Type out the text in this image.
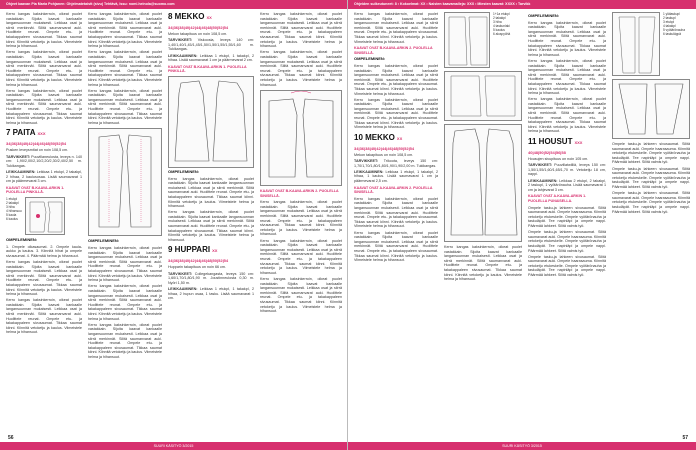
Ohjeet kaavan Pia Maria Pohjanen: Ohjelmatetaistt (sivu) Tehtävä, Issu: nomi.heinola@suomo.com

Kerro kangas kaksinkerroin, oikeat puolet vastakkain. Sijoita kaavat kankaalle langansuunnan mukaisesti. Leikkaa osat ja siirrä merkinnät. Silitä saumanvarat auki. Huolittele reunat. Ompele etu- ja takakappaleen sivusaumat. Tikkaa saumat kiinni. Kiinnitä vetoketju ja kaulus. Viimeistele helma ja hihansuut.

Kerro kangas kaksinkerroin, oikeat puolet vastakkain. Sijoita kaavat kankaalle langansuunnan mukaisesti. Leikkaa osat ja siirrä merkinnät. Silitä saumanvarat auki. Huolittele reunat. Ompele etu- ja takakappaleen sivusaumat. Tikkaa saumat kiinni. Kiinnitä vetoketju ja kaulus. Viimeistele helma ja hihansuut.

Kerro kangas kaksinkerroin, oikeat puolet vastakkain. Sijoita kaavat kankaalle langansuunnan mukaisesti. Leikkaa osat ja siirrä merkinnät. Silitä saumanvarat auki. Huolittele reunat. Ompele etu- ja takakappaleen sivusaumat. Tikkaa saumat kiinni. Kiinnitä vetoketju ja kaulus. Viimeistele helma ja hihansuut.

7 PAITA XXX 34|36|38|40|42|44|46|48|50|52|54

Pusken leveysmitat on noin 108,5 cm.

TARVIKKEET: Puuvillaneulosta, leveys n. 140 cm: 1,90/2,00/2,10/2,20/2,30/2,40/2,50 m. Tukikangas.

LEIKKAAMINEN: Leikkaa 1 etukpl, 2 takakpl, 2 hihaa, 2 kaulusosaa. Lisää saumavarat 1 cm ja päärmevarat 3 cm.

KAAVAT OVAT B-KAAVA-ARKIN 1. PUOLELLA PINKILLÄ.
1 etukpl
2 takakpl
3 hiha
4 hihansuu
5 kaula
6 kaulus
OMPELEMINEN:

1. Ompele olkasaumat. 2. Ompele kaula-aukko ja kaulus. 3. Kiinnitä hihat ja ompele sivusaumat. 4. Päärmää helma ja hihansuut.

Kerro kangas kaksinkerroin, oikeat puolet vastakkain. Sijoita kaavat kankaalle langansuunnan mukaisesti. Leikkaa osat ja siirrä merkinnät. Silitä saumanvarat auki. Huolittele reunat. Ompele etu- ja takakappaleen sivusaumat. Tikkaa saumat kiinni. Kiinnitä vetoketju ja kaulus. Viimeistele helma ja hihansuut.

Kerro kangas kaksinkerroin, oikeat puolet vastakkain. Sijoita kaavat kankaalle langansuunnan mukaisesti. Leikkaa osat ja siirrä merkinnät. Silitä saumanvarat auki. Huolittele reunat. Ompele etu- ja takakappaleen sivusaumat. Tikkaa saumat kiinni. Kiinnitä vetoketju ja kaulus. Viimeistele helma ja hihansuut.

Kerro kangas kaksinkerroin, oikeat puolet vastakkain. Sijoita kaavat kankaalle langansuunnan mukaisesti. Leikkaa osat ja siirrä merkinnät. Silitä saumanvarat auki. Huolittele reunat. Ompele etu- ja takakappaleen sivusaumat. Tikkaa saumat kiinni. Kiinnitä vetoketju ja kaulus. Viimeistele helma ja hihansuut.

Kerro kangas kaksinkerroin, oikeat puolet vastakkain. Sijoita kaavat kankaalle langansuunnan mukaisesti. Leikkaa osat ja siirrä merkinnät. Silitä saumanvarat auki. Huolittele reunat. Ompele etu- ja takakappaleen sivusaumat. Tikkaa saumat kiinni. Kiinnitä vetoketju ja kaulus. Viimeistele helma ja hihansuut.

Kerro kangas kaksinkerroin, oikeat puolet vastakkain. Sijoita kaavat kankaalle langansuunnan mukaisesti. Leikkaa osat ja siirrä merkinnät. Silitä saumanvarat auki. Huolittele reunat. Ompele etu- ja takakappaleen sivusaumat. Tikkaa saumat kiinni. Kiinnitä vetoketju ja kaulus. Viimeistele helma ja hihansuut.

OMPELEMINEN:

Kerro kangas kaksinkerroin, oikeat puolet vastakkain. Sijoita kaavat kankaalle langansuunnan mukaisesti. Leikkaa osat ja siirrä merkinnät. Silitä saumanvarat auki. Huolittele reunat. Ompele etu- ja takakappaleen sivusaumat. Tikkaa saumat kiinni. Kiinnitä vetoketju ja kaulus. Viimeistele helma ja hihansuut.

Kerro kangas kaksinkerroin, oikeat puolet vastakkain. Sijoita kaavat kankaalle langansuunnan mukaisesti. Leikkaa osat ja siirrä merkinnät. Silitä saumanvarat auki. Huolittele reunat. Ompele etu- ja takakappaleen sivusaumat. Tikkaa saumat kiinni. Kiinnitä vetoketju ja kaulus. Viimeistele helma ja hihansuut.

Kerro kangas kaksinkerroin, oikeat puolet vastakkain. Sijoita kaavat kankaalle langansuunnan mukaisesti. Leikkaa osat ja siirrä merkinnät. Silitä saumanvarat auki. Huolittele reunat. Ompele etu- ja takakappaleen sivusaumat. Tikkaa saumat kiinni. Kiinnitä vetoketju ja kaulus. Viimeistele helma ja hihansuut.

8 MEKKO XX 34|36|38|40|42|44|46|48|50|52|54

Mekon takapituus on noin 108,5 cm.

TARVIKKEET: Viskoosia, leveys 140 cm: 1,40/1,40/1,45/1,45/1,50/1,50/1,55/1,55/1,60 m. Tukikangas.

LEIKKAAMINEN: Leikkaa 1 etukpl, 1 takakpl, 2 hihaa. Lisää saumavarat 1 cm ja päärmevarat 2 cm.

KAAVAT OVAT B-KAAVA-ARKIN 1. PUOLELLA PINKILLÄ.
OMPELEMINEN:

Kerro kangas kaksinkerroin, oikeat puolet vastakkain. Sijoita kaavat kankaalle langansuunnan mukaisesti. Leikkaa osat ja siirrä merkinnät. Silitä saumanvarat auki. Huolittele reunat. Ompele etu- ja takakappaleen sivusaumat. Tikkaa saumat kiinni. Kiinnitä vetoketju ja kaulus. Viimeistele helma ja hihansuut.

Kerro kangas kaksinkerroin, oikeat puolet vastakkain. Sijoita kaavat kankaalle langansuunnan mukaisesti. Leikkaa osat ja siirrä merkinnät. Silitä saumanvarat auki. Huolittele reunat. Ompele etu- ja takakappaleen sivusaumat. Tikkaa saumat kiinni. Kiinnitä vetoketju ja kaulus. Viimeistele helma ja hihansuut.

9 HUPPARI XX 34|36|38|40|42|44|46|48|50|52|54

Hupparin takapituus on noin 66 cm.

TARVIKKEET: Collegekangasta, leveys 150 cm: 1,60/1,70/1,80/1,90 m. Joustinneulosta 0,30 m. Nyöri 1,50 m.

LEIKKAAMINEN: Leikkaa 1 etukpl, 1 takakpl, 2 hihaa, 2 hupun osaa, 1 tasku. Lisää saumavarat 1 cm.

Kerro kangas kaksinkerroin, oikeat puolet vastakkain. Sijoita kaavat kankaalle langansuunnan mukaisesti. Leikkaa osat ja siirrä merkinnät. Silitä saumanvarat auki. Huolittele reunat. Ompele etu- ja takakappaleen sivusaumat. Tikkaa saumat kiinni. Kiinnitä vetoketju ja kaulus. Viimeistele helma ja hihansuut.

Kerro kangas kaksinkerroin, oikeat puolet vastakkain. Sijoita kaavat kankaalle langansuunnan mukaisesti. Leikkaa osat ja siirrä merkinnät. Silitä saumanvarat auki. Huolittele reunat. Ompele etu- ja takakappaleen sivusaumat. Tikkaa saumat kiinni. Kiinnitä vetoketju ja kaulus. Viimeistele helma ja hihansuut.

KAAVAT OVAT B-KAAVA-ARKIN 2. PUOLELLA SINISELLÄ.

Kerro kangas kaksinkerroin, oikeat puolet vastakkain. Sijoita kaavat kankaalle langansuunnan mukaisesti. Leikkaa osat ja siirrä merkinnät. Silitä saumanvarat auki. Huolittele reunat. Ompele etu- ja takakappaleen sivusaumat. Tikkaa saumat kiinni. Kiinnitä vetoketju ja kaulus. Viimeistele helma ja hihansuut.

Kerro kangas kaksinkerroin, oikeat puolet vastakkain. Sijoita kaavat kankaalle langansuunnan mukaisesti. Leikkaa osat ja siirrä merkinnät. Silitä saumanvarat auki. Huolittele reunat. Ompele etu- ja takakappaleen sivusaumat. Tikkaa saumat kiinni. Kiinnitä vetoketju ja kaulus. Viimeistele helma ja hihansuut.

Kerro kangas kaksinkerroin, oikeat puolet vastakkain. Sijoita kaavat kankaalle langansuunnan mukaisesti. Leikkaa osat ja siirrä merkinnät. Silitä saumanvarat auki. Huolittele reunat. Ompele etu- ja takakappaleen sivusaumat. Tikkaa saumat kiinni. Kiinnitä vetoketju ja kaulus. Viimeistele helma ja hihansuut.

56
SUURI KÄSITYÖ 3/2015
Ohjeiden sulkeutuneet: 8 • Kokoelmat: XX • Naisten kaavamalleja: XXX • Miesten kaavat: XXXX • Tarvikk

Kerro kangas kaksinkerroin, oikeat puolet vastakkain. Sijoita kaavat kankaalle langansuunnan mukaisesti. Leikkaa osat ja siirrä merkinnät. Silitä saumanvarat auki. Huolittele reunat. Ompele etu- ja takakappaleen sivusaumat. Tikkaa saumat kiinni. Kiinnitä vetoketju ja kaulus. Viimeistele helma ja hihansuut.

KAAVAT OVAT B-KAAVA-ARKIN 2. PUOLELLA SINISELLÄ.
OMPELEMINEN:

Kerro kangas kaksinkerroin, oikeat puolet vastakkain. Sijoita kaavat kankaalle langansuunnan mukaisesti. Leikkaa osat ja siirrä merkinnät. Silitä saumanvarat auki. Huolittele reunat. Ompele etu- ja takakappaleen sivusaumat. Tikkaa saumat kiinni. Kiinnitä vetoketju ja kaulus. Viimeistele helma ja hihansuut.

Kerro kangas kaksinkerroin, oikeat puolet vastakkain. Sijoita kaavat kankaalle langansuunnan mukaisesti. Leikkaa osat ja siirrä merkinnät. Silitä saumanvarat auki. Huolittele reunat. Ompele etu- ja takakappaleen sivusaumat. Tikkaa saumat kiinni. Kiinnitä vetoketju ja kaulus. Viimeistele helma ja hihansuut.

10 MEKKO XX 34|36|38|40|42|44|46|48|50|52|54

Mekon takapituus on noin 108,5 cm.

TARVIKKEET: Trikoota, leveys 150 cm: 1,70/1,70/1,80/1,80/1,90/1,90/2,00 m. Tukikangas.

LEIKKAAMINEN: Leikkaa 1 etukpl, 1 takakpl, 2 hihaa, 1 kaulus. Lisää saumavarat 1 cm ja päärmevarat 2,5 cm.

KAAVAT OVAT A-KAAVA-ARKIN 2. PUOLELLA SINISELLÄ.

Kerro kangas kaksinkerroin, oikeat puolet vastakkain. Sijoita kaavat kankaalle langansuunnan mukaisesti. Leikkaa osat ja siirrä merkinnät. Silitä saumanvarat auki. Huolittele reunat. Ompele etu- ja takakappaleen sivusaumat. Tikkaa saumat kiinni. Kiinnitä vetoketju ja kaulus. Viimeistele helma ja hihansuut.

Kerro kangas kaksinkerroin, oikeat puolet vastakkain. Sijoita kaavat kankaalle langansuunnan mukaisesti. Leikkaa osat ja siirrä merkinnät. Silitä saumanvarat auki. Huolittele reunat. Ompele etu- ja takakappaleen sivusaumat. Tikkaa saumat kiinni. Kiinnitä vetoketju ja kaulus. Viimeistele helma ja hihansuut.

1+1a etukpl
2 takakpl
3 hiha
4 taskunlaki
5 kaulus
6 aluspyöhä

Kerro kangas kaksinkerroin, oikeat puolet vastakkain. Sijoita kaavat kankaalle langansuunnan mukaisesti. Leikkaa osat ja siirrä merkinnät. Silitä saumanvarat auki. Huolittele reunat. Ompele etu- ja takakappaleen sivusaumat. Tikkaa saumat kiinni. Kiinnitä vetoketju ja kaulus. Viimeistele helma ja hihansuut.

OMPELEMINEN:

Kerro kangas kaksinkerroin, oikeat puolet vastakkain. Sijoita kaavat kankaalle langansuunnan mukaisesti. Leikkaa osat ja siirrä merkinnät. Silitä saumanvarat auki. Huolittele reunat. Ompele etu- ja takakappaleen sivusaumat. Tikkaa saumat kiinni. Kiinnitä vetoketju ja kaulus. Viimeistele helma ja hihansuut.

Kerro kangas kaksinkerroin, oikeat puolet vastakkain. Sijoita kaavat kankaalle langansuunnan mukaisesti. Leikkaa osat ja siirrä merkinnät. Silitä saumanvarat auki. Huolittele reunat. Ompele etu- ja takakappaleen sivusaumat. Tikkaa saumat kiinni. Kiinnitä vetoketju ja kaulus. Viimeistele helma ja hihansuut.

Kerro kangas kaksinkerroin, oikeat puolet vastakkain. Sijoita kaavat kankaalle langansuunnan mukaisesti. Leikkaa osat ja siirrä merkinnät. Silitä saumanvarat auki. Huolittele reunat. Ompele etu- ja takakappaleen sivusaumat. Tikkaa saumat kiinni. Kiinnitä vetoketju ja kaulus. Viimeistele helma ja hihansuut.

11 HOUSUT XXX 40|48|50|52|54|56|58

Housujen sivupituus on noin 105 cm.

TARVIKKEET: Puuvillatwilliä, leveys 150 cm: 1,50/1,55/1,60/1,65/1,70 m. Vetoketju 18 cm, nappi.

LEIKKAAMINEN: Leikkaa 2 etukpl, 2 takakpl, 2 taskupl, 1 vyötärönauha. Lisää saumavarat 1 cm ja lahjevarat 3 cm.

KAAVAT OVAT A-KAAVA-ARKIN 1. PUOLELLA PUNAISELLA.

Ompele tasku-ja lahkeen sivusaumat. Silitä saumavarat auki. Ompele haarasauma. Kiinnitä vetoketju etukeskelle. Ompele vyötärönauha ja taskuläpät. Tee napinläpi ja ompele nappi. Päärmää lahkeet. Silitä valmis työ.

Ompele tasku-ja lahkeen sivusaumat. Silitä saumavarat auki. Ompele haarasauma. Kiinnitä vetoketju etukeskelle. Ompele vyötärönauha ja taskuläpät. Tee napinläpi ja ompele nappi. Päärmää lahkeet. Silitä valmis työ.

Ompele tasku-ja lahkeen sivusaumat. Silitä saumavarat auki. Ompele haarasauma. Kiinnitä vetoketju etukeskelle. Ompele vyötärönauha ja taskuläpät. Tee napinläpi ja ompele nappi. Päärmää lahkeet. Silitä valmis työ.

1 ylätaskupl
2 taskupl
3 etukpl
4 takakpl
5 vyötärönauha
6 taskuläppä

Ompele tasku-ja lahkeen sivusaumat. Silitä saumavarat auki. Ompele haarasauma. Kiinnitä vetoketju etukeskelle. Ompele vyötärönauha ja taskuläpät. Tee napinläpi ja ompele nappi. Päärmää lahkeet. Silitä valmis työ.

Ompele tasku-ja lahkeen sivusaumat. Silitä saumavarat auki. Ompele haarasauma. Kiinnitä vetoketju etukeskelle. Ompele vyötärönauha ja taskuläpät. Tee napinläpi ja ompele nappi. Päärmää lahkeet. Silitä valmis työ.

Ompele tasku-ja lahkeen sivusaumat. Silitä saumavarat auki. Ompele haarasauma. Kiinnitä vetoketju etukeskelle. Ompele vyötärönauha ja taskuläpät. Tee napinläpi ja ompele nappi. Päärmää lahkeet. Silitä valmis työ.

57
SUURI KÄSITYÖ 3/2015
